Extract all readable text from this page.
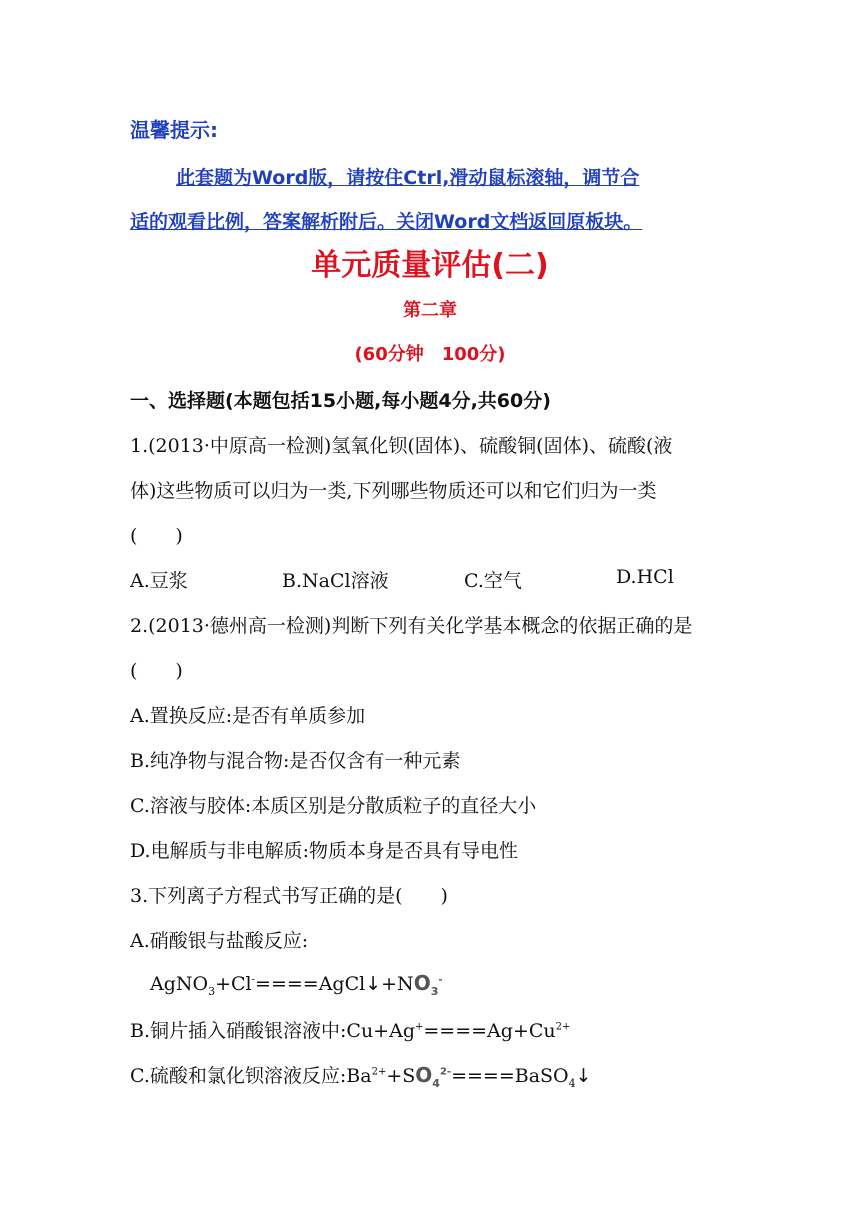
温馨提示:
此套题为Word版，请按住Ctrl,滑动鼠标滚轴，调节合
适的观看比例，答案解析附后。关闭Word文档返回原板块。
单元质量评估(二)
第二章
(60分钟　100分)
一、选择题(本题包括15小题,每小题4分,共60分)
1.(2013·中原高一检测)氢氧化钡(固体)、硫酸铜(固体)、硫酸(液
体)这些物质可以归为一类,下列哪些物质还可以和它们归为一类
(　　)
A.豆浆	B.NaCl溶液	C.空气	D.HCl
2.(2013·德州高一检测)判断下列有关化学基本概念的依据正确的是
(　　)
A.置换反应:是否有单质参加
B.纯净物与混合物:是否仅含有一种元素
C.溶液与胶体:本质区别是分散质粒子的直径大小
D.电解质与非电解质:物质本身是否具有导电性
3.下列离子方程式书写正确的是(　　)
A.硝酸银与盐酸反应:
$AgNO_3+Cl^-====AgCl↓+NO_3^-$
B.铜片插入硝酸银溶液中$:Cu+Ag^+====Ag+Cu^{2+}$
C.硫酸和氯化钡溶液反应$:Ba^{2+}+SO_4^{2-}====BaSO_4↓$
